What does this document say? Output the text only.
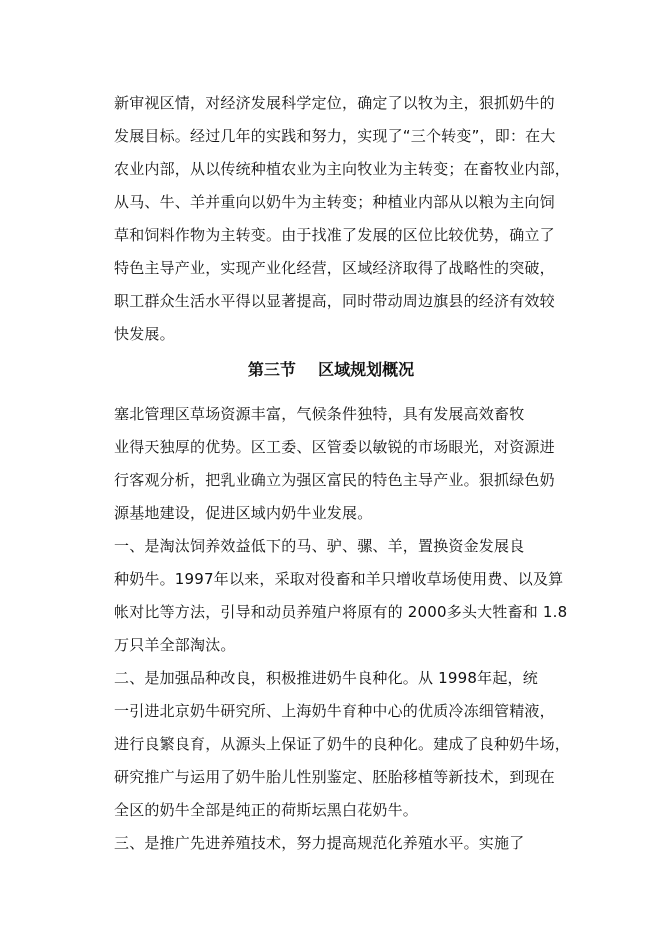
新审视区情，对经济发展科学定位，确定了以牧为主，狠抓奶牛的
发展目标。经过几年的实践和努力，实现了“三个转变”，即：在大
农业内部，从以传统种植农业为主向牧业为主转变；在畜牧业内部，
从马、牛、羊并重向以奶牛为主转变；种植业内部从以粮为主向饲
草和饲料作物为主转变。由于找准了发展的区位比较优势，确立了
特色主导产业，实现产业化经营，区域经济取得了战略性的突破，
职工群众生活水平得以显著提高，同时带动周边旗县的经济有效较
快发展。
第三节    区域规划概况
塞北管理区草场资源丰富，气候条件独特，具有发展高效畜牧
业得天独厚的优势。区工委、区管委以敏锐的市场眼光，对资源进
行客观分析，把乳业确立为强区富民的特色主导产业。狠抓绿色奶
源基地建设，促进区域内奶牛业发展。
一、是淘汰饲养效益低下的马、驴、骡、羊，置换资金发展良
种奶牛。1997年以来，采取对役畜和羊只增收草场使用费、以及算
帐对比等方法，引导和动员养殖户将原有的 2000多头大牲畜和 1.8
万只羊全部淘汰。
二、是加强品种改良，积极推进奶牛良种化。从 1998年起，统
一引进北京奶牛研究所、上海奶牛育种中心的优质冷冻细管精液，
进行良繁良育，从源头上保证了奶牛的良种化。建成了良种奶牛场，
研究推广与运用了奶牛胎儿性别鉴定、胚胎移植等新技术，到现在
全区的奶牛全部是纯正的荷斯坛黑白花奶牛。
三、是推广先进养殖技术，努力提高规范化养殖水平。实施了
